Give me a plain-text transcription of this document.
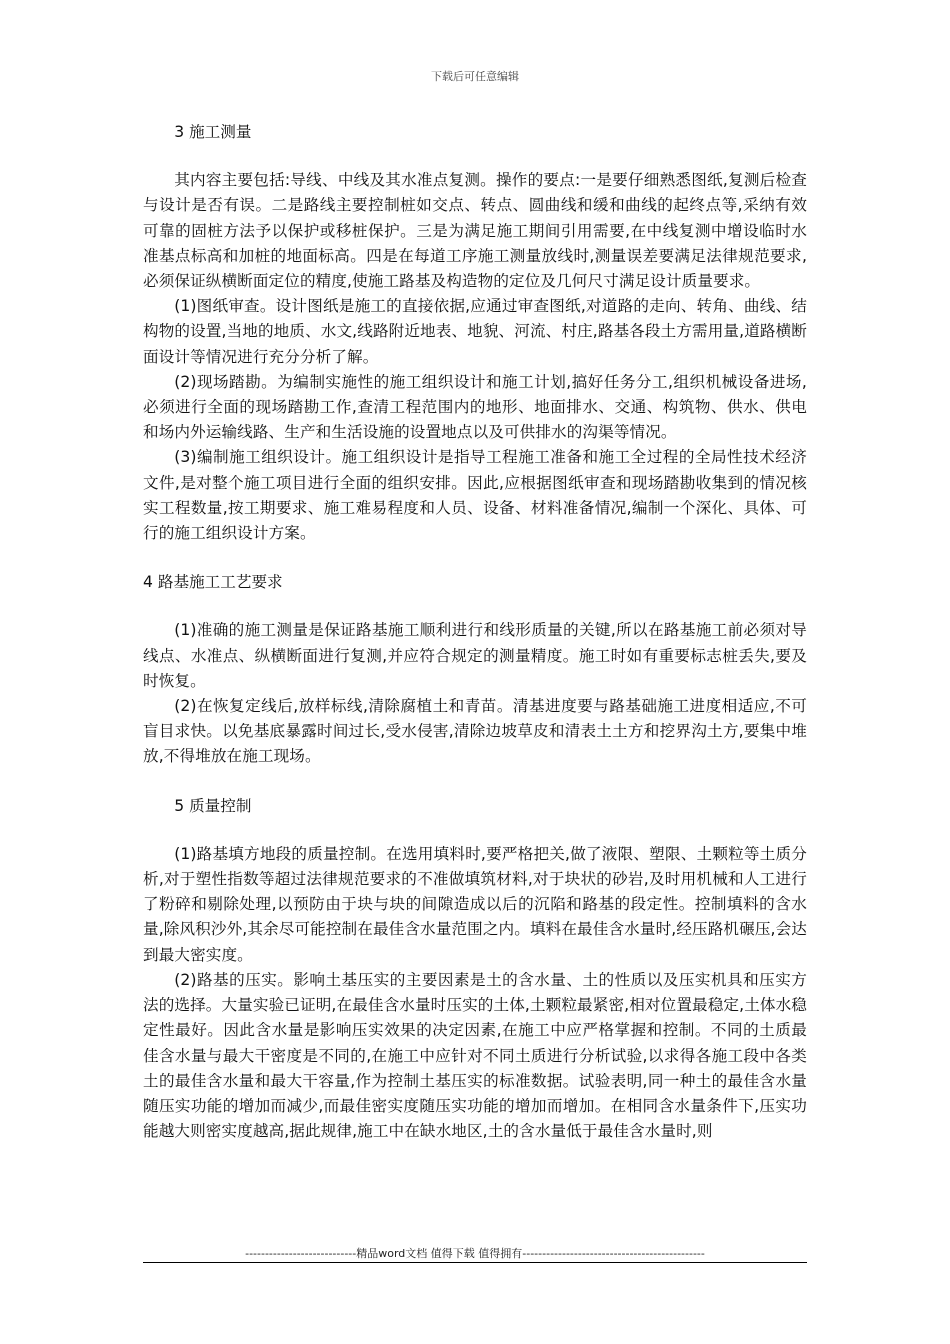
下载后可任意编辑

3 施工测量

其内容主要包括:导线、中线及其水准点复测。操作的要点:一是要仔细熟悉图纸,复测后检查与设计是否有误。二是路线主要控制桩如交点、转点、圆曲线和缓和曲线的起终点等,采纳有效可靠的固桩方法予以保护或移桩保护。三是为满足施工期间引用需要,在中线复测中增设临时水准基点标高和加桩的地面标高。四是在每道工序施工测量放线时,测量误差要满足法律规范要求,必须保证纵横断面定位的精度,使施工路基及构造物的定位及几何尺寸满足设计质量要求。

(1)图纸审查。设计图纸是施工的直接依据,应通过审查图纸,对道路的走向、转角、曲线、结构物的设置,当地的地质、水文,线路附近地表、地貌、河流、村庄,路基各段土方需用量,道路横断面设计等情况进行充分分析了解。

(2)现场踏勘。为编制实施性的施工组织设计和施工计划,搞好任务分工,组织机械设备进场,必须进行全面的现场踏勘工作,查清工程范围内的地形、地面排水、交通、构筑物、供水、供电和场内外运输线路、生产和生活设施的设置地点以及可供排水的沟渠等情况。

(3)编制施工组织设计。施工组织设计是指导工程施工准备和施工全过程的全局性技术经济文件,是对整个施工项目进行全面的组织安排。因此,应根据图纸审查和现场踏勘收集到的情况核实工程数量,按工期要求、施工难易程度和人员、设备、材料准备情况,编制一个深化、具体、可行的施工组织设计方案。

4 路基施工工艺要求

(1)准确的施工测量是保证路基施工顺利进行和线形质量的关键,所以在路基施工前必须对导线点、水准点、纵横断面进行复测,并应符合规定的测量精度。施工时如有重要标志桩丢失,要及时恢复。

(2)在恢复定线后,放样标线,清除腐植土和青苗。清基进度要与路基础施工进度相适应,不可盲目求快。以免基底暴露时间过长,受水侵害,清除边坡草皮和清表土土方和挖界沟土方,要集中堆放,不得堆放在施工现场。

5 质量控制

(1)路基填方地段的质量控制。在选用填料时,要严格把关,做了液限、塑限、土颗粒等土质分析,对于塑性指数等超过法律规范要求的不准做填筑材料,对于块状的砂岩,及时用机械和人工进行了粉碎和剔除处理,以预防由于块与块的间隙造成以后的沉陷和路基的段定性。控制填料的含水量,除风积沙外,其余尽可能控制在最佳含水量范围之内。填料在最佳含水量时,经压路机碾压,会达到最大密实度。

(2)路基的压实。影响土基压实的主要因素是土的含水量、土的性质以及压实机具和压实方法的选择。大量实验已证明,在最佳含水量时压实的土体,土颗粒最紧密,相对位置最稳定,土体水稳定性最好。因此含水量是影响压实效果的决定因素,在施工中应严格掌握和控制。不同的土质最佳含水量与最大干密度是不同的,在施工中应针对不同土质进行分析试验,以求得各施工段中各类土的最佳含水量和最大干容量,作为控制土基压实的标准数据。试验表明,同一种土的最佳含水量随压实功能的增加而减少,而最佳密实度随压实功能的增加而增加。在相同含水量条件下,压实功能越大则密实度越高,据此规律,施工中在缺水地区,土的含水量低于最佳含水量时,则

----------------------------精品word文档 值得下载 值得拥有----------------------------------------------
